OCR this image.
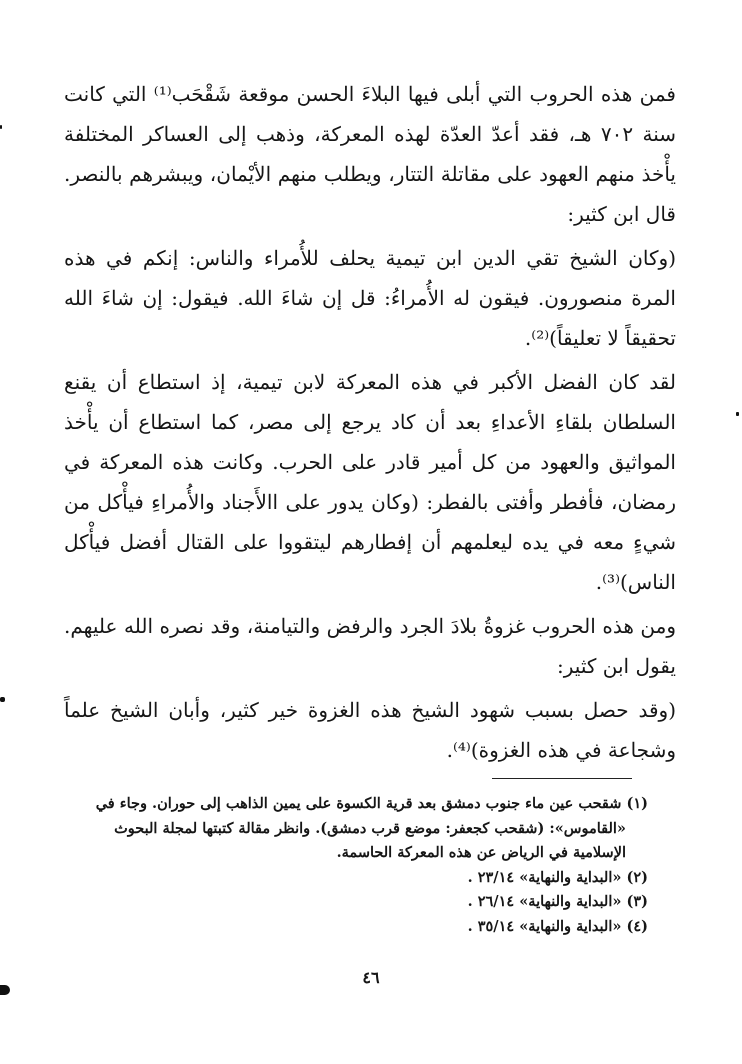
فمن هذه الحروب التي أبلى فيها البلاءَ الحسن موقعة شَقْحَب⁽¹⁾ التي كانت سنة ٧٠٢ هـ، فقد أعدّ العدّة لهذه المعركة، وذهب إلى العساكر المختلفة يأْخذ منهم العهود على مقاتلة التتار، ويطلب منهم الأيْمان، ويبشرهم بالنصر. قال ابن كثير:

(وكان الشيخ تقي الدين ابن تيمية يحلف للأُمراء والناس: إنكم في هذه المرة منصورون. فيقون له الأُمراءُ: قل إن شاءَ الله. فيقول: إن شاءَ الله تحقيقاً لا تعليقاً)⁽²⁾.

لقد كان الفضل الأكبر في هذه المعركة لابن تيمية، إذ استطاع أن يقنع السلطان بلقاءِ الأعداءِ بعد أن كاد يرجع إلى مصر، كما استطاع أن يأْخذ المواثيق والعهود من كل أمير قادر على الحرب. وكانت هذه المعركة في رمضان، فأفطر وأفتى بالفطر: (وكان يدور على االأَجناد والأُمراءِ فيأْكل من شيءٍ معه في يده ليعلمهم أن إفطارهم ليتقووا على القتال أفضل فيأْكل الناس)⁽³⁾.

ومن هذه الحروب غزوةُ بلادَ الجرد والرفض والتيامنة، وقد نصره الله عليهم. يقول ابن كثير:

(وقد حصل بسبب شهود الشيخ هذه الغزوة خير كثير، وأبان الشيخ علماً وشجاعة في هذه الغزوة)⁽⁴⁾.

(١) شقحب عين ماء جنوب دمشق بعد قرية الكسوة على يمين الذاهب إلى حوران. وجاء في

«القاموس»: (شقحب كجعفر: موضع قرب دمشق). وانظر مقالة كتبتها لمجلة البحوث

الإسلامية في الرياض عن هذه المعركة الحاسمة.

(٢) «البداية والنهاية» ٢٣/١٤ .

(٣) «البداية والنهاية» ٢٦/١٤ .

(٤) «البداية والنهاية» ٣٥/١٤ .

٤٦
